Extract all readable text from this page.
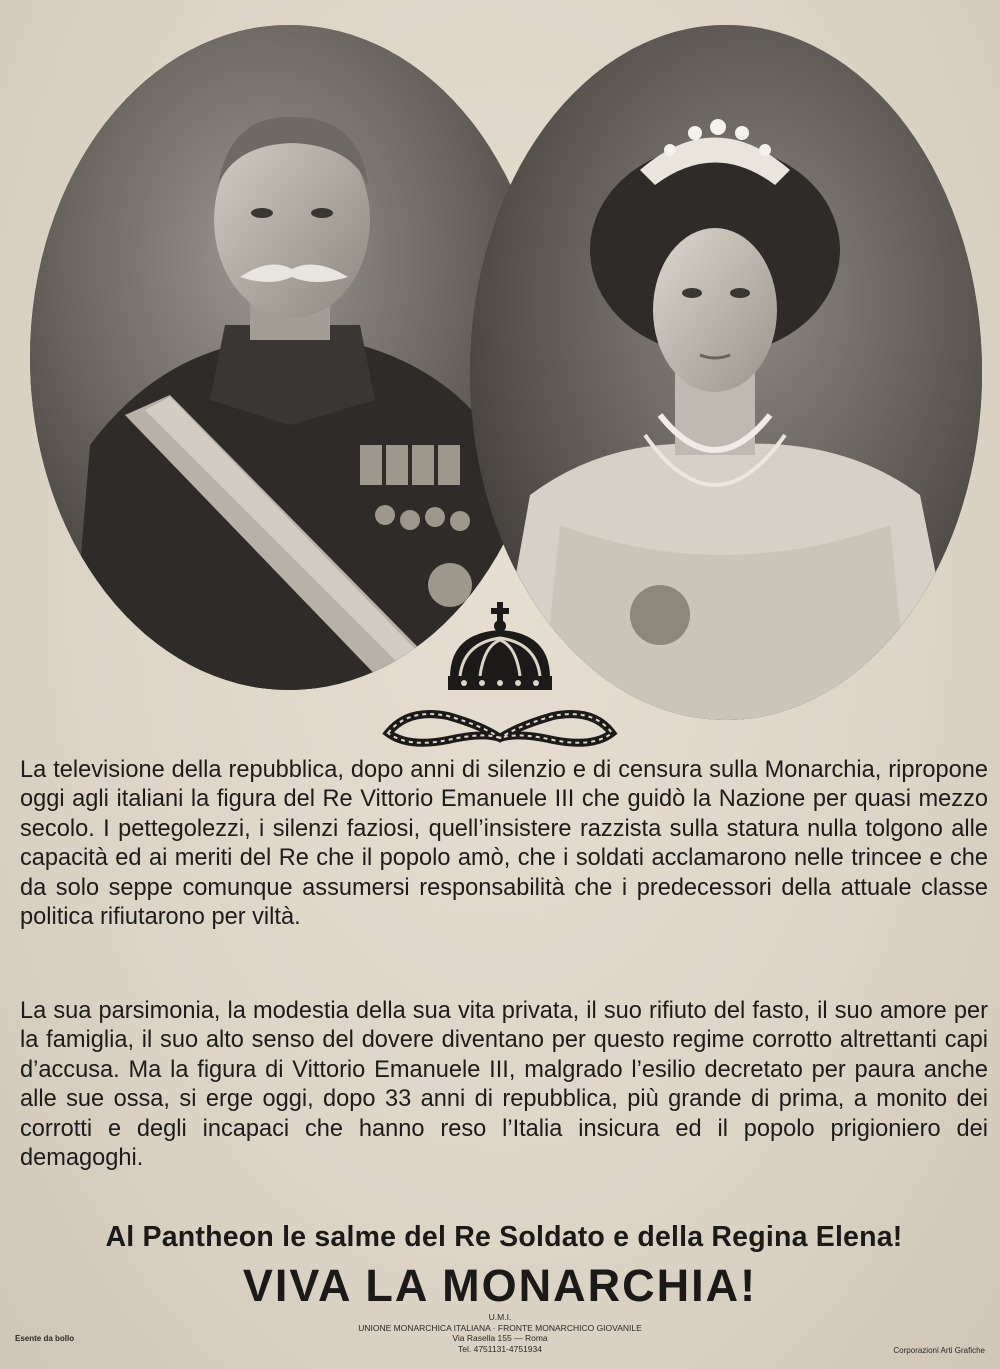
La televisione della repubblica, dopo anni di silenzio e di censura sulla Monarchia, ripropone oggi agli italiani la figura del Re Vittorio Emanuele III che guidò la Nazione per quasi mezzo secolo. I pettegolezzi, i silenzi faziosi, quell’insistere razzista sulla statura nulla tolgono alle capacità ed ai meriti del Re che il popolo amò, che i soldati acclamarono nelle trincee e che da solo seppe comunque assumersi responsabilità che i predecessori della attuale classe politica rifiutarono per viltà.

La sua parsimonia, la modestia della sua vita privata, il suo rifiuto del fasto, il suo amore per la famiglia, il suo alto senso del dovere diventano per questo regime corrotto altrettanti capi d’accusa. Ma la figura di Vittorio Emanuele III, malgrado l’esilio decretato per paura anche alle sue ossa, si erge oggi, dopo 33 anni di repubblica, più grande di prima, a monito dei corrotti e degli incapaci che hanno reso l’Italia insicura ed il popolo prigioniero dei demagoghi.

Al Pantheon le salme del Re Soldato e della Regina Elena!
VIVA LA MONARCHIA!
U.M.I.
UNIONE MONARCHICA ITALIANA · FRONTE MONARCHICO GIOVANILE
Via Rasella 155 — Roma
Tel. 4751131-4751934
Esente da bollo
Corporazioni Arti Grafiche
